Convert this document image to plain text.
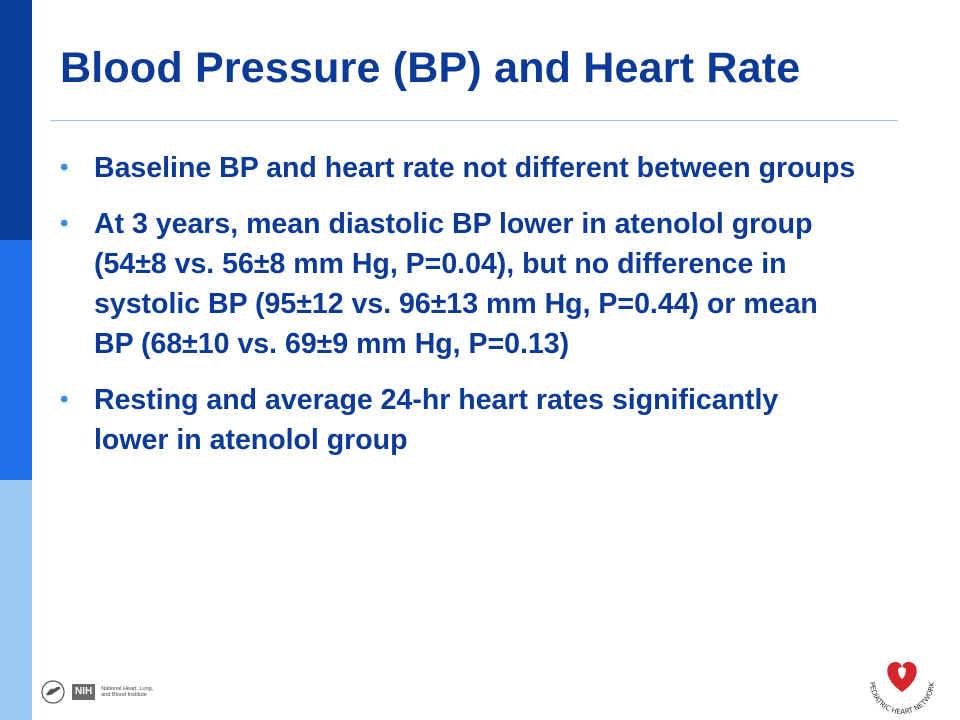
Blood Pressure (BP) and Heart Rate
• Baseline BP and heart rate not different between groups
• At 3 years, mean diastolic BP lower in atenolol group (54±8 vs. 56±8 mm Hg, P=0.04), but no difference in systolic BP (95±12 vs. 96±13 mm Hg, P=0.44) or mean BP (68±10 vs. 69±9 mm Hg, P=0.13)
• Resting and average 24-hr heart rates significantly lower in atenolol group
NIH	National Heart, Lung,
and Blood Institute
PEDIATRIC HEART NETWORK
